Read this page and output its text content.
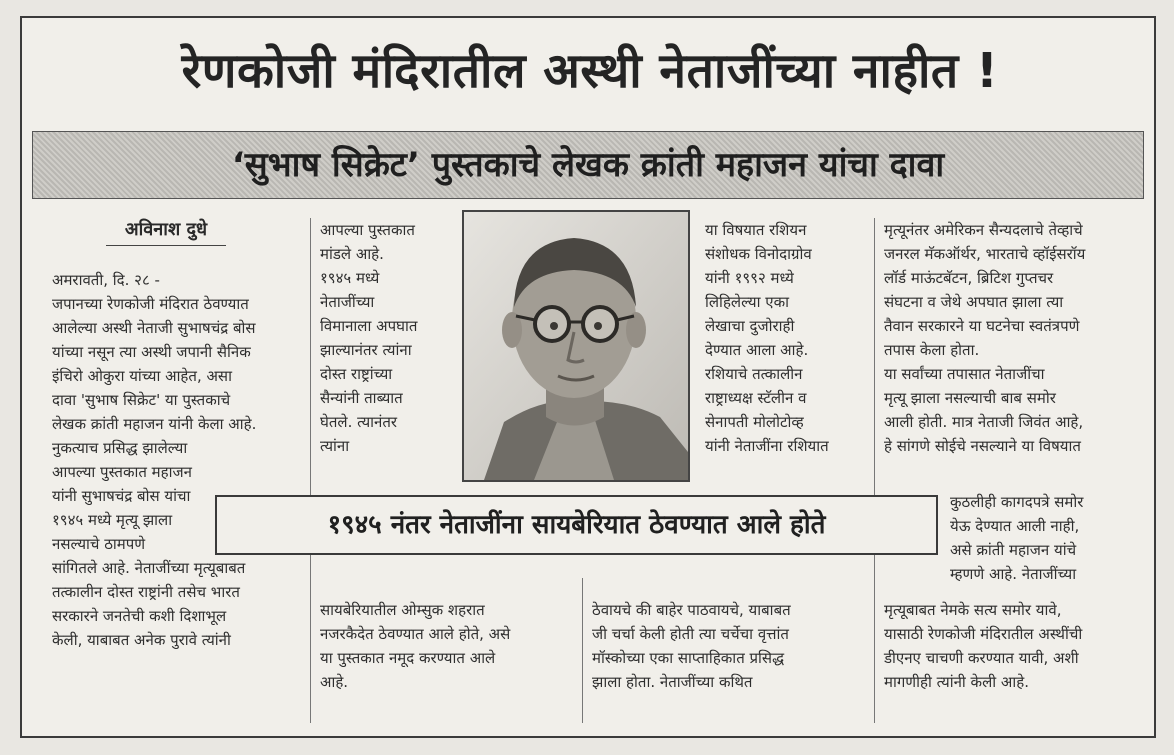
रेणकोजी मंदिरातील अस्थी नेताजींच्या नाहीत !
‘सुभाष सिक्रेट’ पुस्तकाचे लेखक क्रांती महाजन यांचा दावा
अविनाश दुधे

अमरावती, दि. २८ -

जपानच्या रेणकोजी मंदिरात ठेवण्यात

आलेल्या अस्थी नेताजी सुभाषचंद्र बोस

यांच्या नसून त्या अस्थी जपानी सैनिक

इंचिरो ओकुरा यांच्या आहेत, असा

दावा 'सुभाष सिक्रेट' या पुस्तकाचे

लेखक क्रांती महाजन यांनी केला आहे.

नुकत्याच प्रसिद्ध झालेल्या

आपल्या पुस्तकात महाजन

यांनी सुभाषचंद्र बोस यांचा

१९४५ मध्ये मृत्यू झाला

नसल्याचे ठामपणे

सांगितले आहे. नेताजींच्या मृत्यूबाबत

तत्कालीन दोस्त राष्ट्रांनी तसेच भारत

सरकारने जनतेची कशी दिशाभूल

केली, याबाबत अनेक पुरावे त्यांनी

आपल्या पुस्तकात

मांडले आहे.

१९४५ मध्ये

नेताजींच्या

विमानाला अपघात

झाल्यानंतर त्यांना

दोस्त राष्ट्रांच्या

सैन्यांनी ताब्यात

घेतले. त्यानंतर

त्यांना

सायबेरियातील ओम्सुक शहरात

नजरकैदेत ठेवण्यात आले होते, असे

या पुस्तकात नमूद करण्यात आले

आहे.

या विषयात रशियन

संशोधक विनोदाग्रोव

यांनी १९९२ मध्ये

लिहिलेल्या एका

लेखाचा दुजोराही

देण्यात आला आहे.

रशियाचे तत्कालीन

राष्ट्राध्यक्ष स्टॅलीन व

सेनापती मोलोटोव्ह

यांनी नेताजींना रशियात

ठेवायचे की बाहेर पाठवायचे, याबाबत

जी चर्चा केली होती त्या चर्चेचा वृत्तांत

मॉस्कोच्या एका साप्ताहिकात प्रसिद्ध

झाला होता. नेताजींच्या कथित

मृत्यूनंतर अमेरिकन सैन्यदलाचे तेव्हाचे

जनरल मॅकऑर्थर, भारताचे व्हॉईसरॉय

लॉर्ड माऊंटबॅटन, ब्रिटिश गुप्तचर

संघटना व जेथे अपघात झाला त्या

तैवान सरकारने या घटनेचा स्वतंत्रपणे

तपास केला होता.

या सर्वांच्या तपासात नेताजींचा

मृत्यू झाला नसल्याची बाब समोर

आली होती. मात्र नेताजी जिवंत आहे,

हे सांगणे सोईचे नसल्याने या विषयात

कुठलीही कागदपत्रे समोर

येऊ देण्यात आली नाही,

असे क्रांती महाजन यांचे

म्हणणे आहे. नेताजींच्या

मृत्यूबाबत नेमके सत्य समोर यावे,

यासाठी रेणकोजी मंदिरातील अस्थींची

डीएनए चाचणी करण्यात यावी, अशी

मागणीही त्यांनी केली आहे.

१९४५ नंतर नेताजींना सायबेरियात ठेवण्यात आले होते
